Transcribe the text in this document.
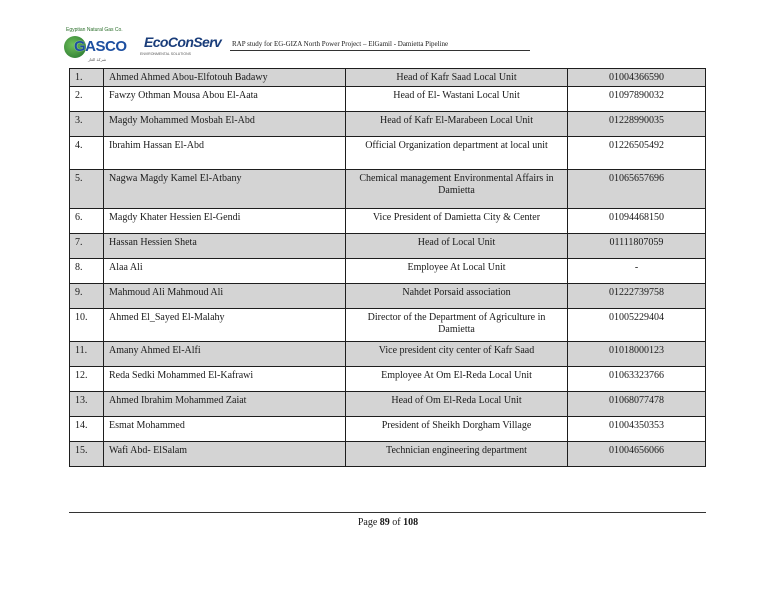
Egyptian Natural Gas Co.
GASCO
شركة الغاز
EcoConServ
ENVIRONMENTAL SOLUTIONS
RAP study for EG-GIZA North Power Project – ElGamil - Damietta Pipeline
1.	Ahmed Ahmed Abou-Elfotouh Badawy	Head of Kafr Saad Local Unit	01004366590
2.	Fawzy Othman Mousa Abou El-Aata	Head of El- Wastani Local Unit	01097890032
3.	Magdy Mohammed Mosbah El-Abd	Head of Kafr El-Marabeen Local Unit	01228990035
4.	Ibrahim Hassan El-Abd	Official Organization department at local unit	01226505492
5.	Nagwa Magdy Kamel El-Atbany	Chemical management Environmental Affairs in Damietta	01065657696
6.	Magdy Khater Hessien El-Gendi	Vice President of Damietta City & Center	01094468150
7.	Hassan Hessien Sheta	Head of Local Unit	01111807059
8.	Alaa Ali	Employee At Local Unit	-
9.	Mahmoud Ali Mahmoud Ali	Nahdet Porsaid association	01222739758
10.	Ahmed El_Sayed El-Malahy	Director of the Department of Agriculture in Damietta	01005229404
11.	Amany Ahmed El-Alfi	Vice president city center of Kafr Saad	01018000123
12.	Reda Sedki Mohammed El-Kafrawi	Employee At Om El-Reda Local Unit	01063323766
13.	Ahmed Ibrahim Mohammed Zaiat	Head of Om El-Reda Local Unit	01068077478
14.	Esmat Mohammed	President of Sheikh Dorgham Village	01004350353
15.	Wafi Abd- ElSalam	Technician engineering department	01004656066
Page 89 of 108
